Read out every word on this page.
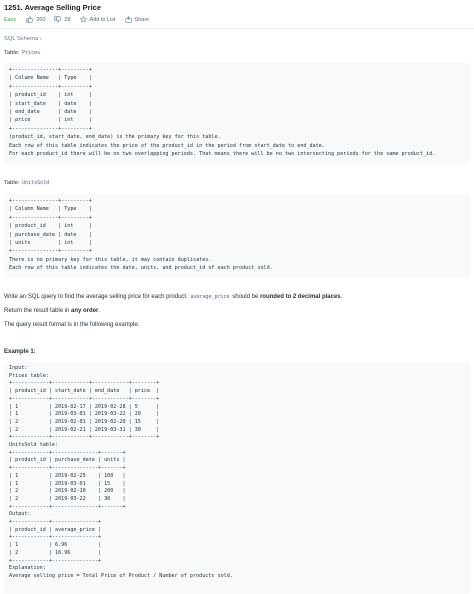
1251. Average Selling Price
Easy	260	28	Add to List	Share
SQL Schema ›
Table: Prices
+---------------+---------+
| Column Name   | Type    |
+---------------+---------+
| product_id    | int     |
| start_date    | date    |
| end_date      | date    |
| price         | int     |
+---------------+---------+
(product_id, start_date, end_date) is the primary key for this table.
Each row of this table indicates the price of the product_id in the period from start_date to end_date.
For each product_id there will be no two overlapping periods. That means there will be no two intersecting periods for the same product_id.
Table: UnitsSold
+---------------+---------+
| Column Name   | Type    |
+---------------+---------+
| product_id    | int     |
| purchase_date | date    |
| units         | int     |
+---------------+---------+
There is no primary key for this table, it may contain duplicates.
Each row of this table indicates the date, units, and product_id of each product sold.
Write an SQL query to find the average selling price for each product. average_price should be rounded to 2 decimal places.
Return the result table in any order.
The query result format is in the following example.
Example 1:
Input:
Prices table:
+------------+------------+------------+--------+
| product_id | start_date | end_date   | price  |
+------------+------------+------------+--------+
| 1          | 2019-02-17 | 2019-02-28 | 5      |
| 1          | 2019-03-01 | 2019-03-22 | 20     |
| 2          | 2019-02-01 | 2019-02-20 | 15     |
| 2          | 2019-02-21 | 2019-03-31 | 30     |
+------------+------------+------------+--------+
UnitsSold table:
+------------+---------------+-------+
| product_id | purchase_date | units |
+------------+---------------+-------+
| 1          | 2019-02-25    | 100   |
| 1          | 2019-03-01    | 15    |
| 2          | 2019-02-10    | 200   |
| 2          | 2019-03-22    | 30    |
+------------+---------------+-------+
Output:
+------------+---------------+
| product_id | average_price |
+------------+---------------+
| 1          | 6.96          |
| 2          | 16.96         |
+------------+---------------+
Explanation:
Average selling price = Total Price of Product / Number of products sold.
